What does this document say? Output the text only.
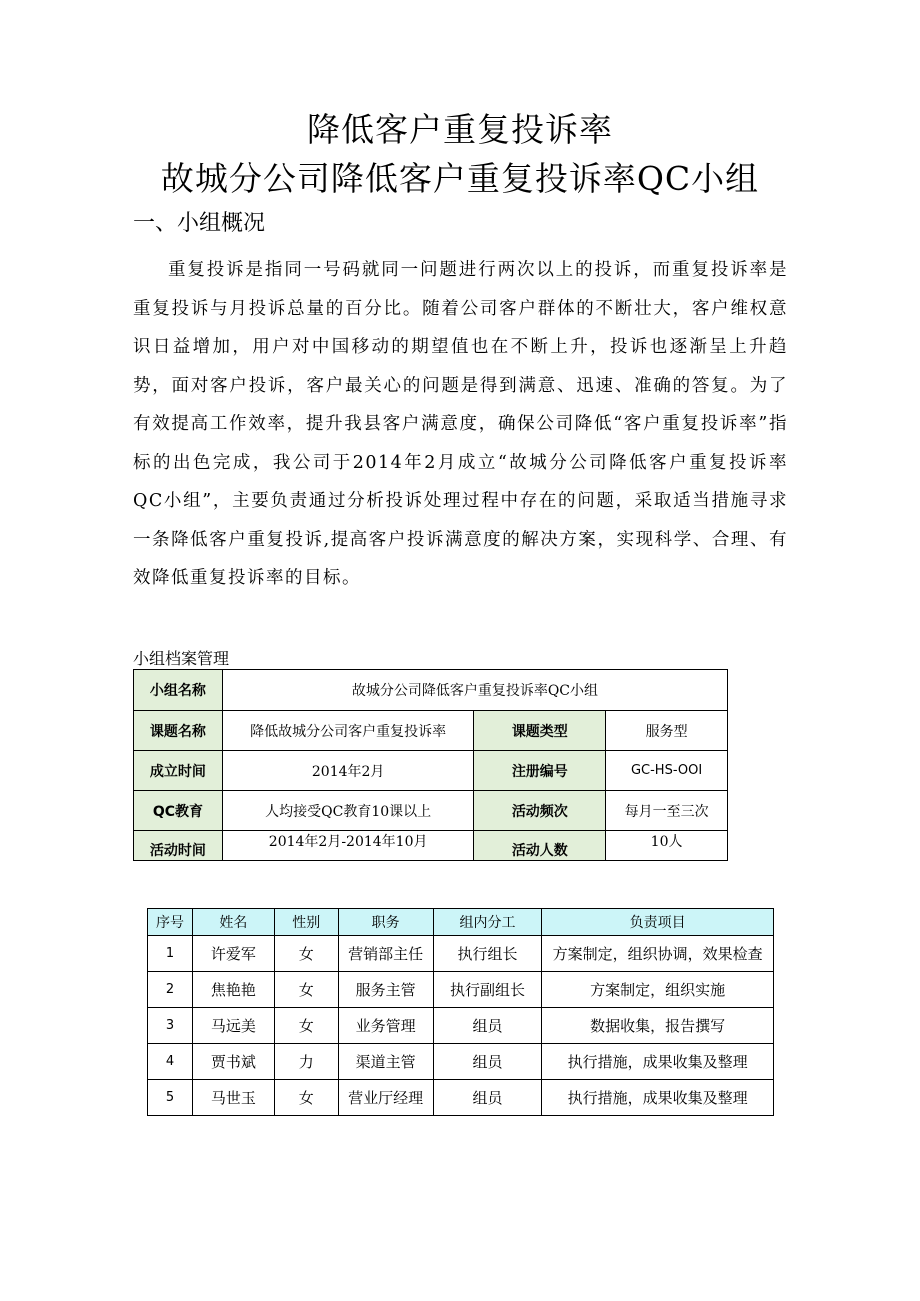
降低客户重复投诉率
故城分公司降低客户重复投诉率QC小组
一、小组概况

重复投诉是指同一号码就同一问题进行两次以上的投诉，而重复投诉率是重复投诉与月投诉总量的百分比。随着公司客户群体的不断壮大，客户维权意识日益增加，用户对中国移动的期望值也在不断上升，投诉也逐渐呈上升趋势，面对客户投诉，客户最关心的问题是得到满意、迅速、准确的答复。为了有效提高工作效率，提升我县客户满意度，确保公司降低“客户重复投诉率”指标的出色完成，我公司于2014年2月成立“故城分公司降低客户重复投诉率QC小组”，主要负责通过分析投诉处理过程中存在的问题，采取适当措施寻求一条降低客户重复投诉,提高客户投诉满意度的解决方案，实现科学、合理、有效降低重复投诉率的目标。

小组档案管理
小组名称	故城分公司降低客户重复投诉率QC小组		
课题名称	降低故城分公司客户重复投诉率	课题类型	服务型
成立时间	2014年2月	注册编号	GC-HS-OOI
QC教育	人均接受QC教育10课以上	活动频次	每月一至三次
活动时间	2014年2月-2014年10月	活动人数	10人
序号	姓名	性别	职务	组内分工	负责项目
1	许爱军	女	营销部主任	执行组长	方案制定，组织协调，效果检查
2	焦艳艳	女	服务主管	执行副组长	方案制定，组织实施
3	马远美	女	业务管理	组员	数据收集，报告撰写
4	贾书斌	力	渠道主管	组员	执行措施，成果收集及整理
5	马世玉	女	营业厅经理	组员	执行措施，成果收集及整理
